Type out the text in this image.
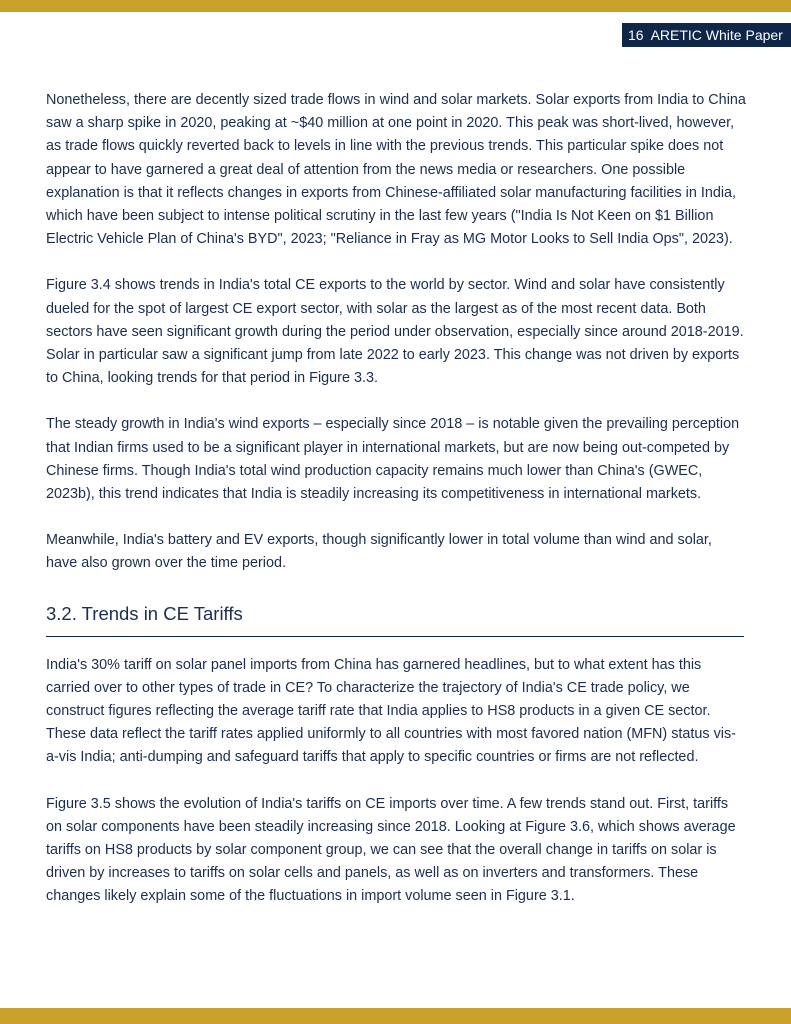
16 ARETIC White Paper

Nonetheless, there are decently sized trade flows in wind and solar markets. Solar exports from India to China saw a sharp spike in 2020, peaking at ~$40 million at one point in 2020. This peak was short-lived, however, as trade flows quickly reverted back to levels in line with the previous trends. This particular spike does not appear to have garnered a great deal of attention from the news media or researchers. One possible explanation is that it reflects changes in exports from Chinese-affiliated solar manufacturing facilities in India, which have been subject to intense political scrutiny in the last few years ("India Is Not Keen on $1 Billion Electric Vehicle Plan of China's BYD", 2023; "Reliance in Fray as MG Motor Looks to Sell India Ops", 2023).

Figure 3.4 shows trends in India's total CE exports to the world by sector. Wind and solar have consistently dueled for the spot of largest CE export sector, with solar as the largest as of the most recent data. Both sectors have seen significant growth during the period under observation, especially since around 2018-2019. Solar in particular saw a significant jump from late 2022 to early 2023. This change was not driven by exports to China, looking trends for that period in Figure 3.3.

The steady growth in India's wind exports – especially since 2018 – is notable given the prevailing perception that Indian firms used to be a significant player in international markets, but are now being out-competed by Chinese firms. Though India's total wind production capacity remains much lower than China's (GWEC, 2023b), this trend indicates that India is steadily increasing its competitiveness in international markets.

Meanwhile, India's battery and EV exports, though significantly lower in total volume than wind and solar, have also grown over the time period.

3.2. Trends in CE Tariffs

India's 30% tariff on solar panel imports from China has garnered headlines, but to what extent has this carried over to other types of trade in CE? To characterize the trajectory of India's CE trade policy, we construct figures reflecting the average tariff rate that India applies to HS8 products in a given CE sector. These data reflect the tariff rates applied uniformly to all countries with most favored nation (MFN) status vis-a-vis India; anti-dumping and safeguard tariffs that apply to specific countries or firms are not reflected.

Figure 3.5 shows the evolution of India's tariffs on CE imports over time. A few trends stand out. First, tariffs on solar components have been steadily increasing since 2018. Looking at Figure 3.6, which shows average tariffs on HS8 products by solar component group, we can see that the overall change in tariffs on solar is driven by increases to tariffs on solar cells and panels, as well as on inverters and transformers. These changes likely explain some of the fluctuations in import volume seen in Figure 3.1.
